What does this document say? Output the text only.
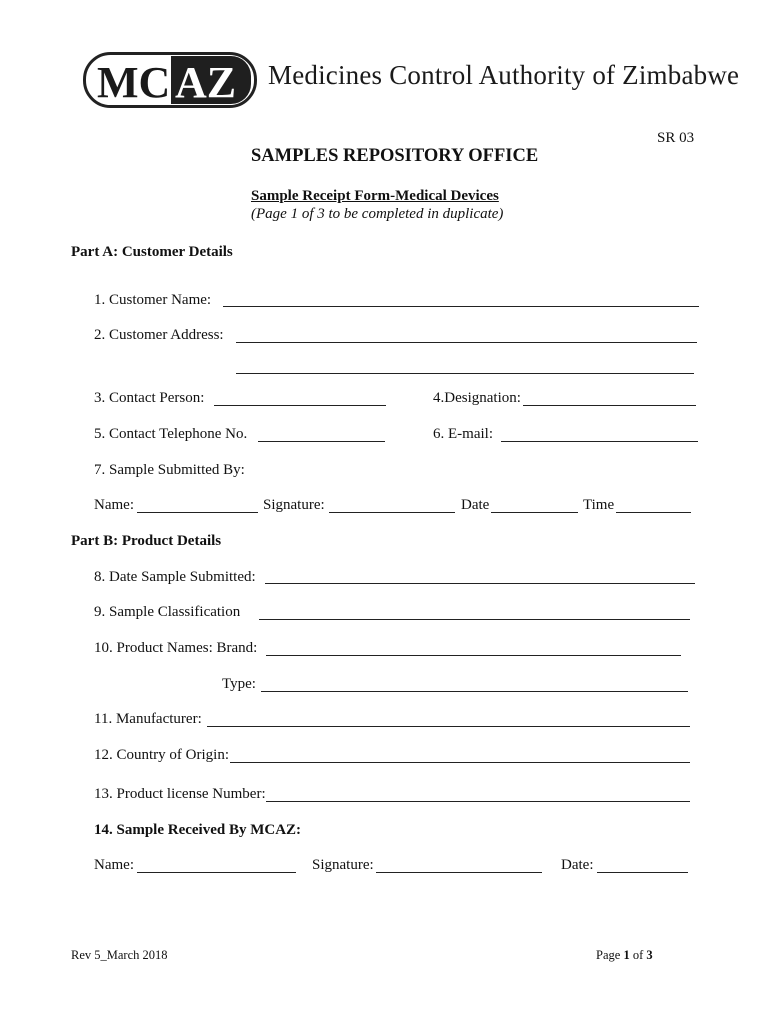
MC AZ Medicines Control Authority of Zimbabwe
SR 03
SAMPLES REPOSITORY OFFICE
Sample Receipt Form-Medical Devices
(Page 1 of 3 to be completed in duplicate)
Part A: Customer Details
1. Customer Name:
2. Customer Address:
3. Contact Person:	4.Designation:
5. Contact Telephone No.	6. E-mail:
7. Sample Submitted By:
Name:	Signature:	Date	Time
Part B: Product Details
8. Date Sample Submitted:
9. Sample Classification
10. Product Names: Brand:
Type:
11. Manufacturer:
12. Country of Origin:
13. Product license Number:
14. Sample Received By MCAZ:
Name:	Signature:	Date:
Rev 5_March 2018	Page 1 of 3
